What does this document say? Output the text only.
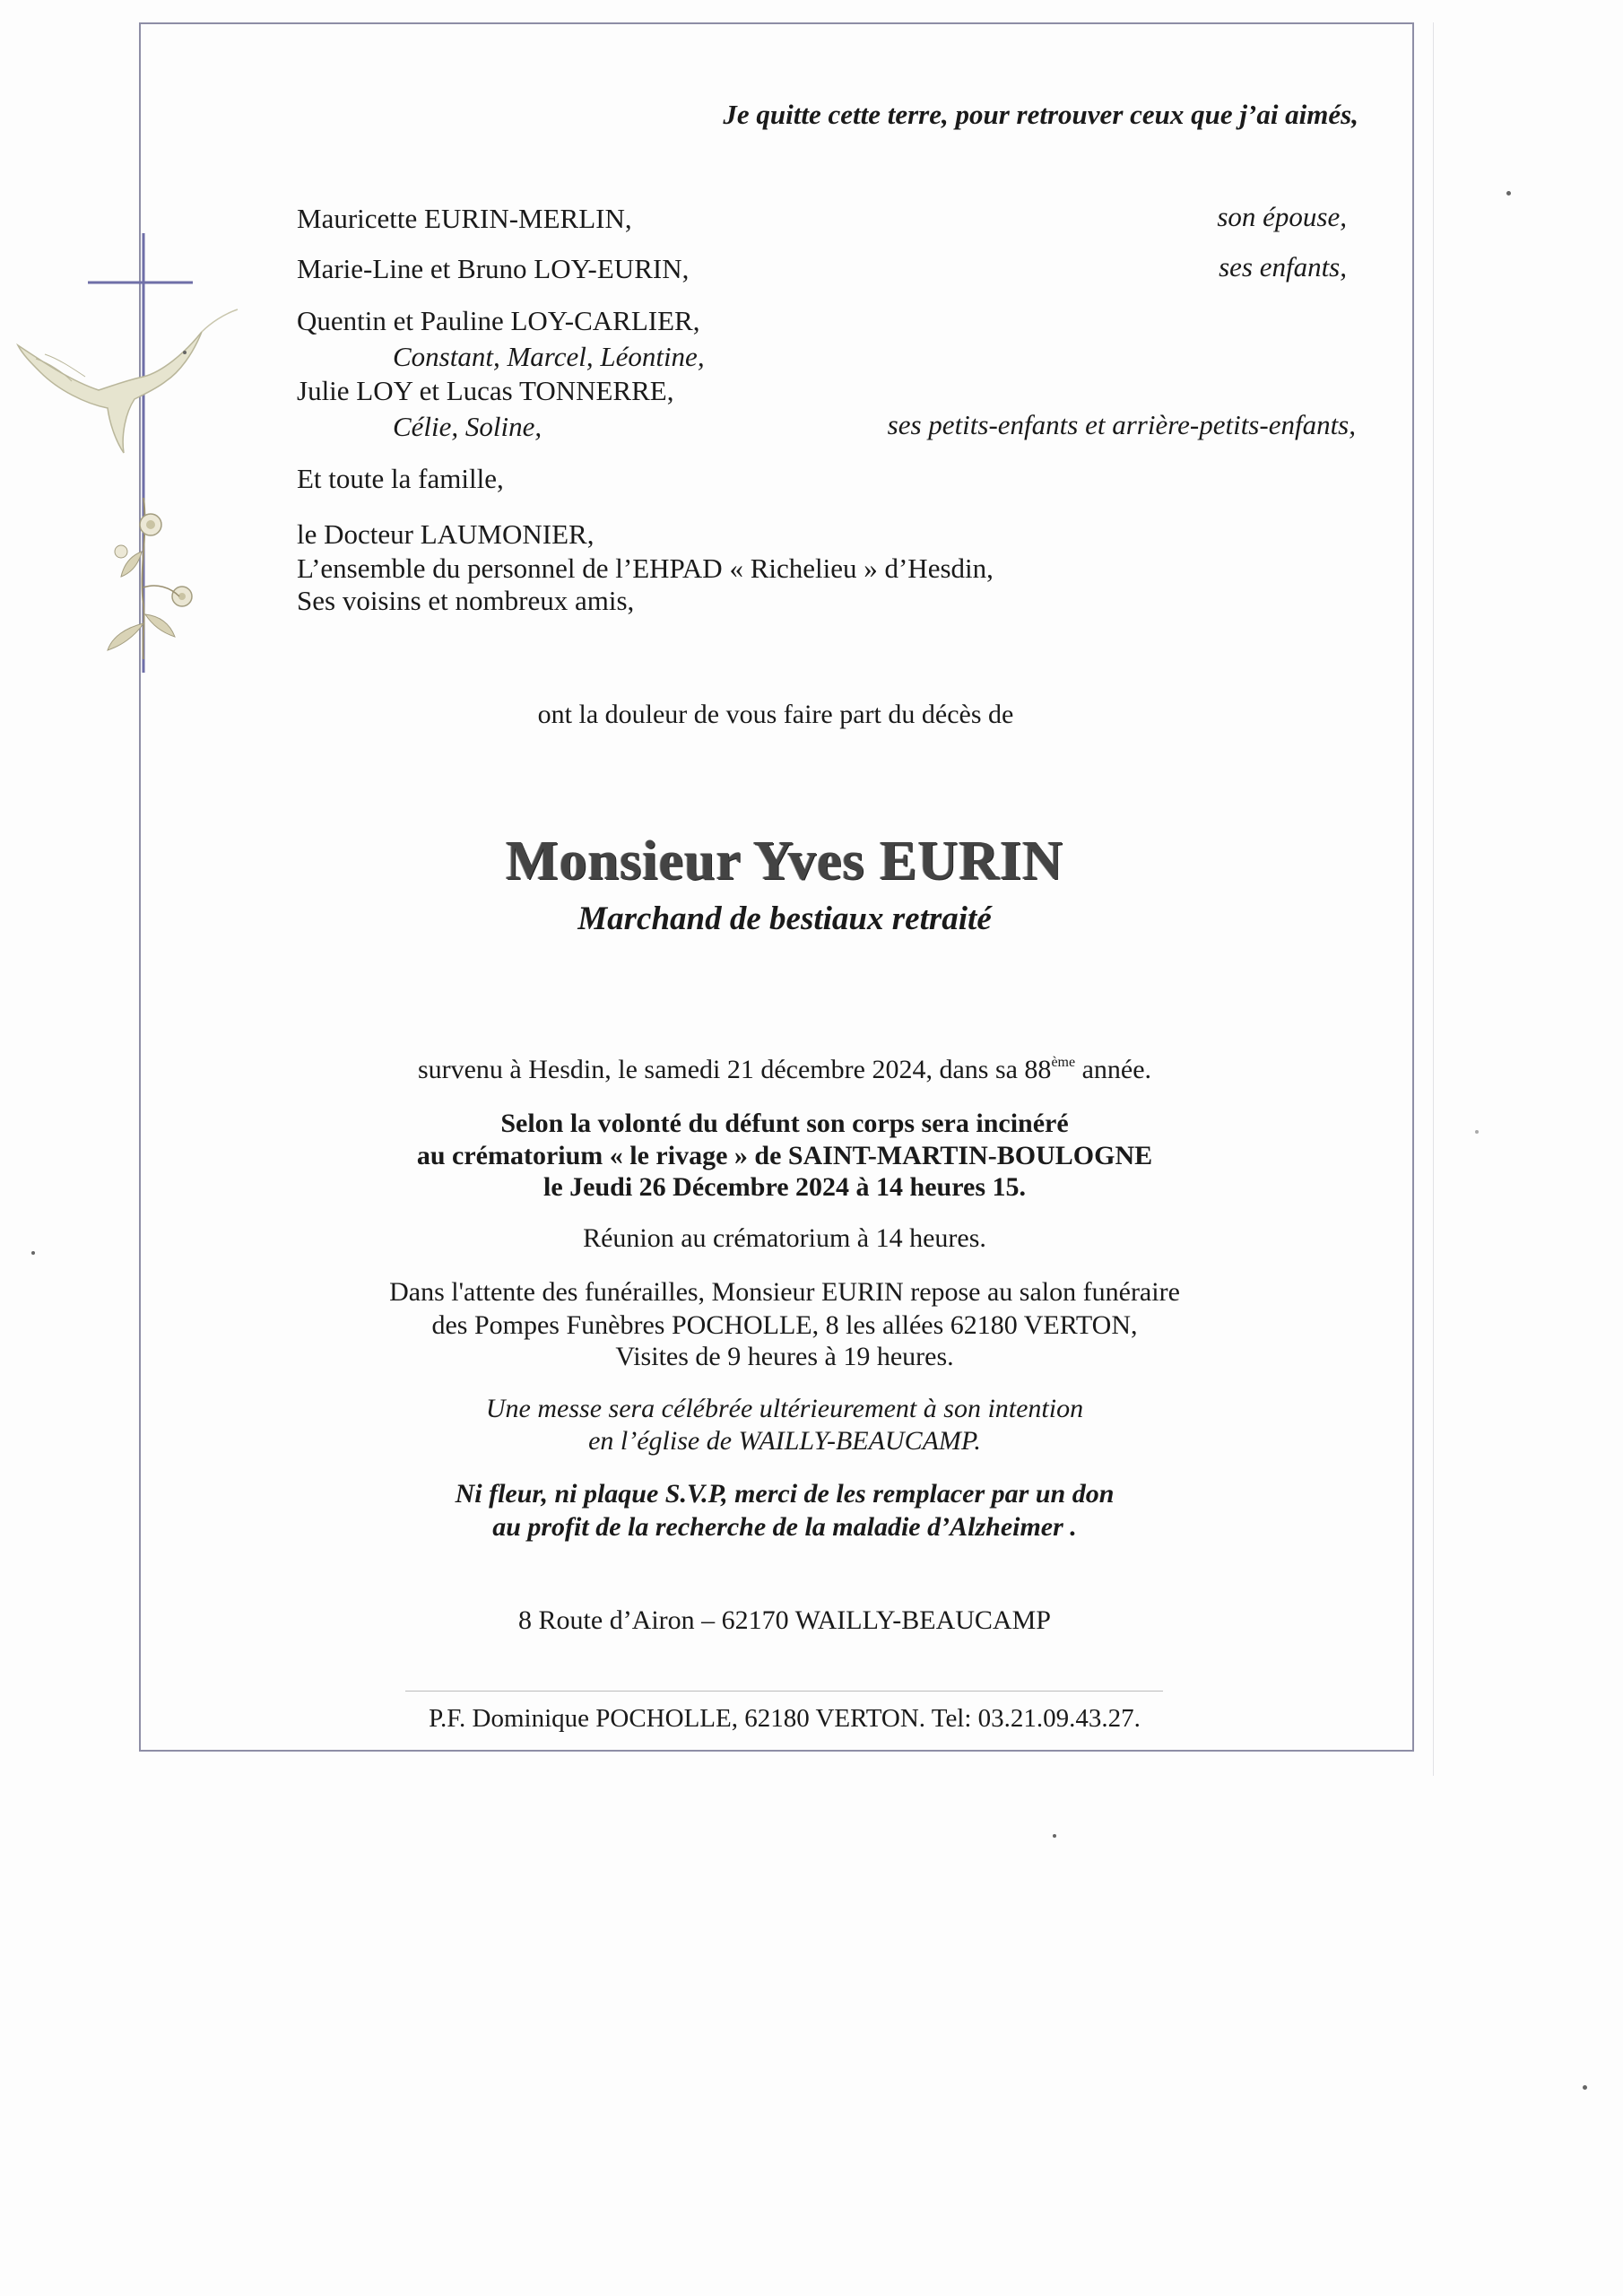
Je quitte cette terre, pour retrouver ceux que j’ai aimés,
Mauricette EURIN-MERLIN,	son épouse,
Marie-Line et Bruno LOY-EURIN,	ses enfants,
Quentin et Pauline LOY-CARLIER,
Constant, Marcel, Léontine,
Julie LOY et Lucas TONNERRE,
Célie, Soline,	ses petits-enfants et arrière-petits-enfants,
Et toute la famille,
le Docteur LAUMONIER,
L’ensemble du personnel de l’EHPAD « Richelieu » d’Hesdin,
Ses voisins et nombreux amis,
ont la douleur de vous faire part du décès de
Monsieur Yves EURIN
Marchand de bestiaux retraité
survenu à Hesdin, le samedi 21 décembre 2024, dans sa 88ème année.
Selon la volonté du défunt son corps sera incinéré
au crématorium « le rivage » de SAINT-MARTIN-BOULOGNE
le Jeudi 26 Décembre 2024 à 14 heures 15.
Réunion au crématorium à 14 heures.
Dans l'attente des funérailles, Monsieur EURIN repose au salon funéraire
des Pompes Funèbres POCHOLLE, 8 les allées 62180 VERTON,
Visites de 9 heures à 19 heures.
Une messe sera célébrée ultérieurement à son intention
en l’église de WAILLY-BEAUCAMP.
Ni fleur, ni plaque S.V.P, merci de les remplacer par un don
au profit de la recherche de la maladie d’Alzheimer .
8 Route d’Airon – 62170 WAILLY-BEAUCAMP
P.F. Dominique POCHOLLE, 62180 VERTON. Tel: 03.21.09.43.27.
